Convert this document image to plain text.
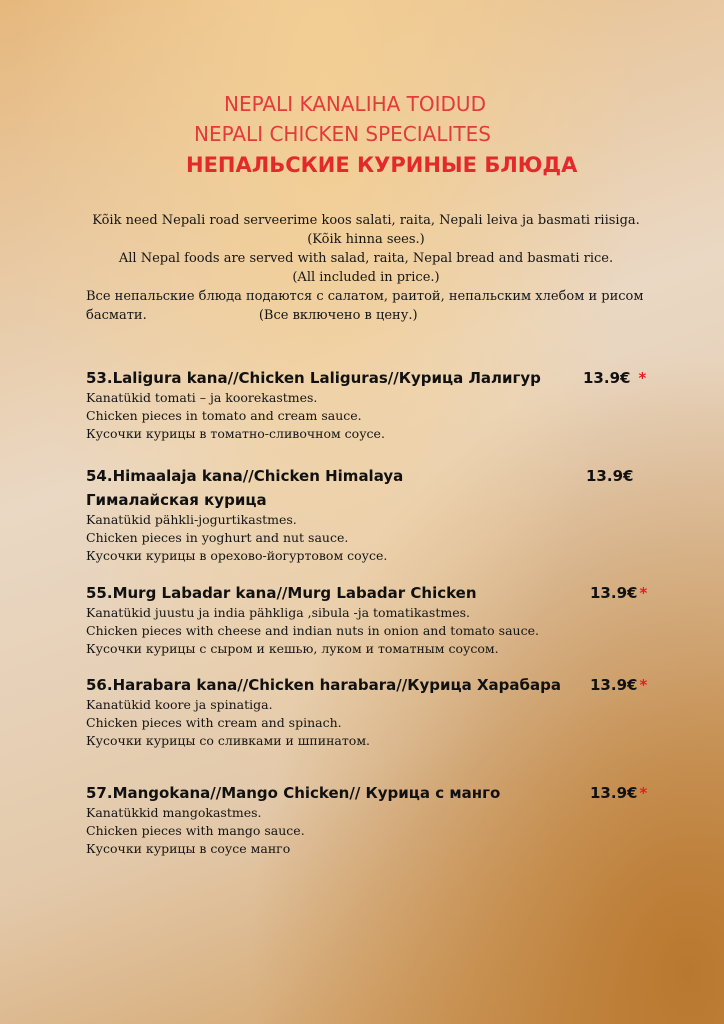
NEPALI KANALIHA TOIDUD
NEPALI CHICKEN SPECIALITES
НЕПАЛЬСКИЕ КУРИНЫЕ БЛЮДА
Kõik need Nepali road serveerime koos salati, raita, Nepali leiva ja basmati riisiga.
(Kõik hinna sees.)
All Nepal foods are served with salad, raita, Nepal bread and basmati rice.
(All included in price.)
Все непальские блюда подаются с салатом, раитой, непальским хлебом и рисом
басмати.	(Все включено в цену.)
53.Laligura kana//Chicken Laliguras//Курица Лалигур	13.9€ *
Kanatükid tomati – ja koorekastmes.
Chicken pieces in tomato and cream sauce.
Кусочки курицы в томатно-сливочном соусе.
54.Himaalaja kana//Chicken Himalaya	13.9€
Гималайская курица
Kanatükid pähkli-jogurtikastmes.
Chicken pieces in yoghurt and nut sauce.
Кусочки курицы в орехово-йогуртовом соусе.
55.Murg Labadar kana//Murg Labadar Chicken	13.9€ *
Kanatükid juustu ja india pähkliga ,sibula -ja tomatikastmes.
Chicken pieces with cheese and indian nuts in onion and tomato sauce.
Кусочки курицы с сыром и кешью, луком и томатным соусом.
56.Harabara kana//Chicken harabara//Курица Харабара	13.9€ *
Kanatükid koore ja spinatiga.
Chicken pieces with cream and spinach.
Кусочки курицы со сливками и шпинатом.
57.Mangokana//Mango Chicken// Курица с манго	13.9€ *
Kanatükkid mangokastmes.
Chicken pieces with mango sauce.
Кусочки курицы в соусе манго
